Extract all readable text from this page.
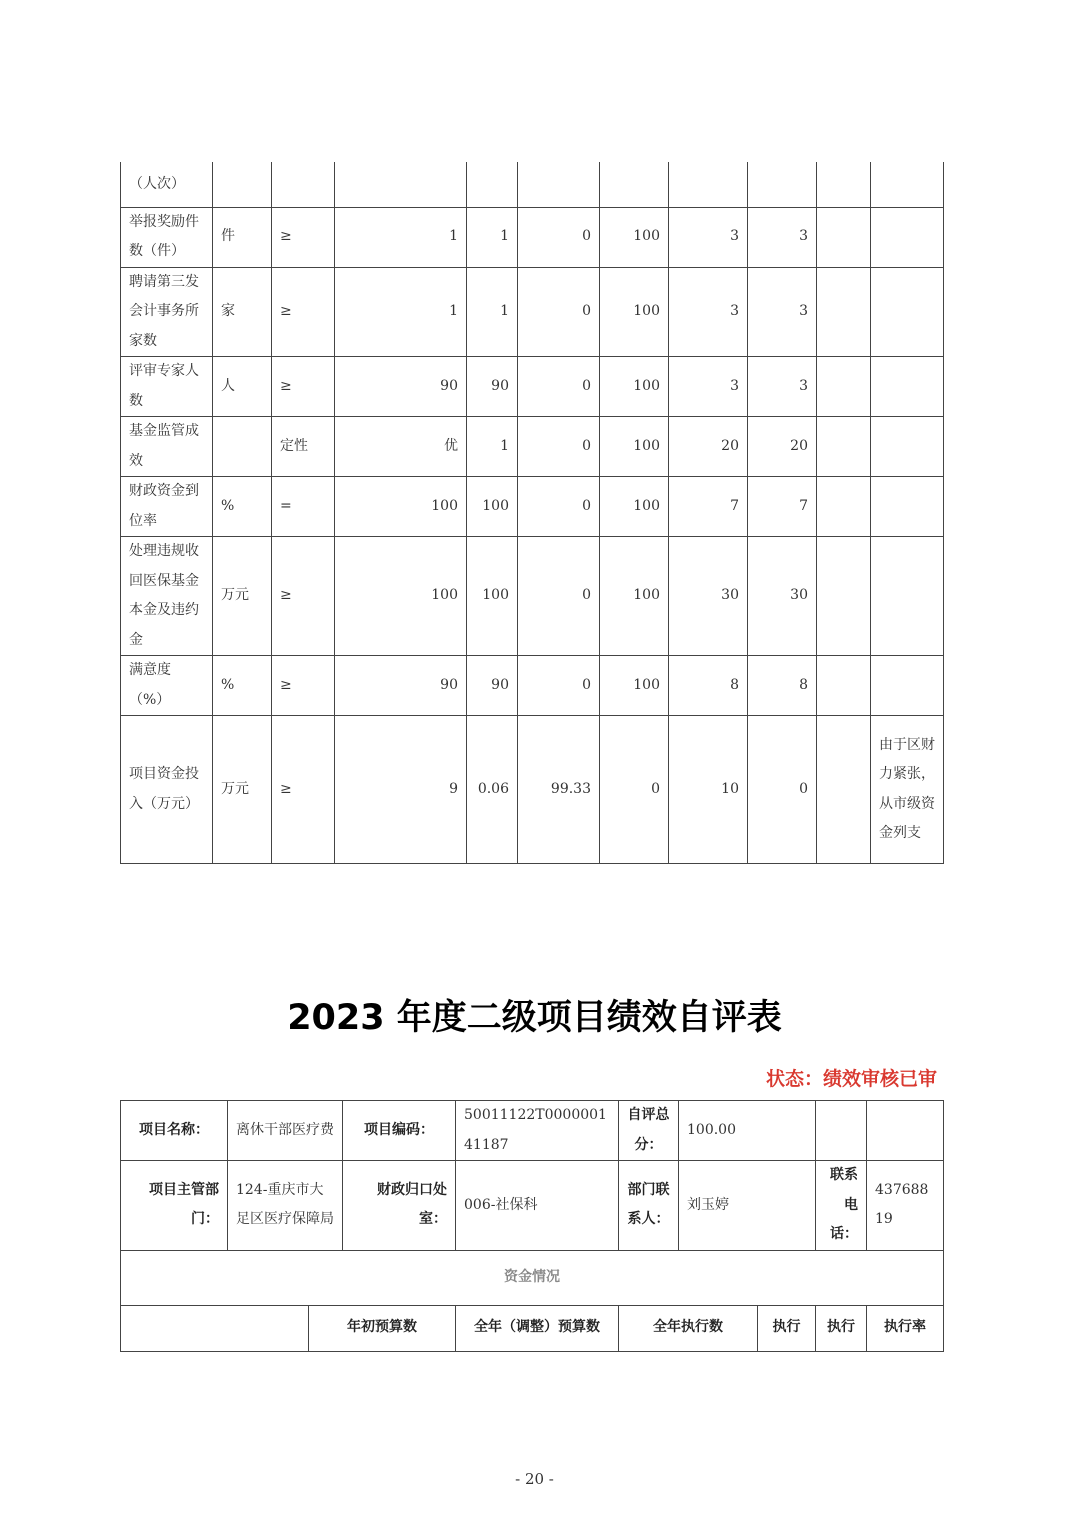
（人次）										
举报奖励件数（件）	件	≥	1	1	0	100	3	3		
聘请第三发会计事务所家数	家	≥	1	1	0	100	3	3		
评审专家人数	人	≥	90	90	0	100	3	3		
基金监管成效		定性	优	1	0	100	20	20		
财政资金到位率	%	=	100	100	0	100	7	7		
处理违规收回医保基金本金及违约金	万元	≥	100	100	0	100	30	30		
满意度（%）	%	≥	90	90	0	100	8	8		
项目资金投入（万元）	万元	≥	9	0.06	99.33	0	10	0		由于区财力紧张，从市级资金列支
2023 年度二级项目绩效自评表
状态：绩效审核已审
项目名称：	离休干部医疗费		项目编码：	50011122T000000141187	自评总分：	100.00			
项目主管部门：	124-重庆市大足区医疗保障局		财政归口处室：	006-社保科	部门联系人：	刘玉婷		联系电话：	43768819
资金情况									
		年初预算数		全年（调整）预算数	全年执行数		执行	执行	执行率
- 20 -
